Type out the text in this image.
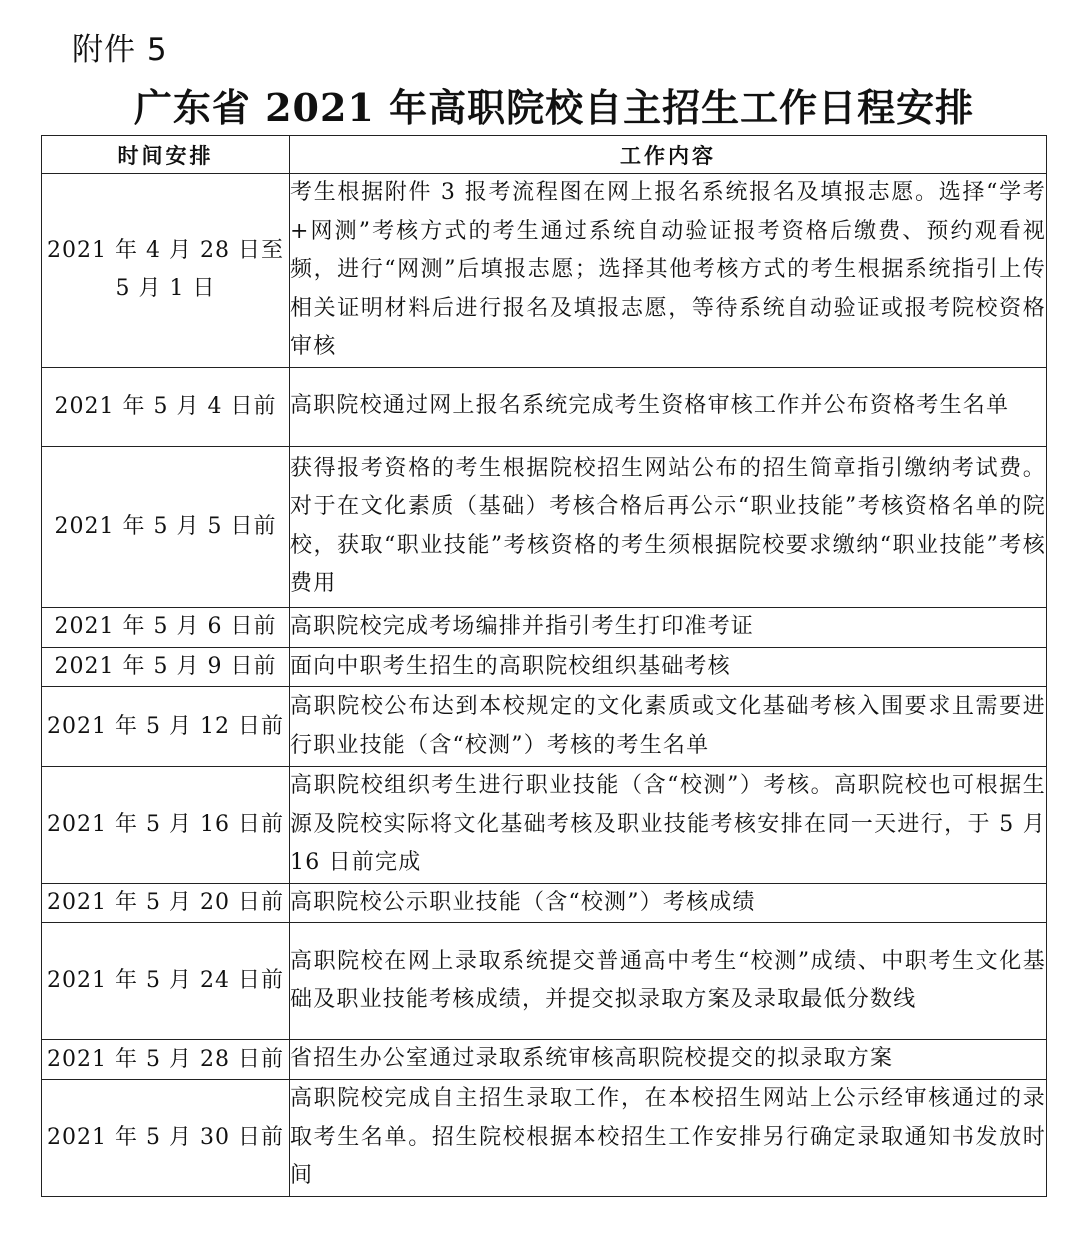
附件 5
广东省 2021 年高职院校自主招生工作日程安排
时间安排	工作内容
2021 年 4 月 28 日至 5 月 1 日	考生根据附件 3 报考流程图在网上报名系统报名及填报志愿。选择“学考+网测”考核方式的考生通过系统自动验证报考资格后缴费、预约观看视频，进行“网测”后填报志愿；选择其他考核方式的考生根据系统指引上传相关证明材料后进行报名及填报志愿，等待系统自动验证或报考院校资格审核
2021 年 5 月 4 日前	高职院校通过网上报名系统完成考生资格审核工作并公布资格考生名单
2021 年 5 月 5 日前	获得报考资格的考生根据院校招生网站公布的招生简章指引缴纳考试费。对于在文化素质（基础）考核合格后再公示“职业技能”考核资格名单的院校，获取“职业技能”考核资格的考生须根据院校要求缴纳“职业技能”考核费用
2021 年 5 月 6 日前	高职院校完成考场编排并指引考生打印准考证
2021 年 5 月 9 日前	面向中职考生招生的高职院校组织基础考核
2021 年 5 月 12 日前	高职院校公布达到本校规定的文化素质或文化基础考核入围要求且需要进行职业技能（含“校测”）考核的考生名单
2021 年 5 月 16 日前	高职院校组织考生进行职业技能（含“校测”）考核。高职院校也可根据生源及院校实际将文化基础考核及职业技能考核安排在同一天进行，于 5 月 16 日前完成
2021 年 5 月 20 日前	高职院校公示职业技能（含“校测”）考核成绩
2021 年 5 月 24 日前	高职院校在网上录取系统提交普通高中考生“校测”成绩、中职考生文化基础及职业技能考核成绩，并提交拟录取方案及录取最低分数线
2021 年 5 月 28 日前	省招生办公室通过录取系统审核高职院校提交的拟录取方案
2021 年 5 月 30 日前	高职院校完成自主招生录取工作，在本校招生网站上公示经审核通过的录取考生名单。招生院校根据本校招生工作安排另行确定录取通知书发放时间
